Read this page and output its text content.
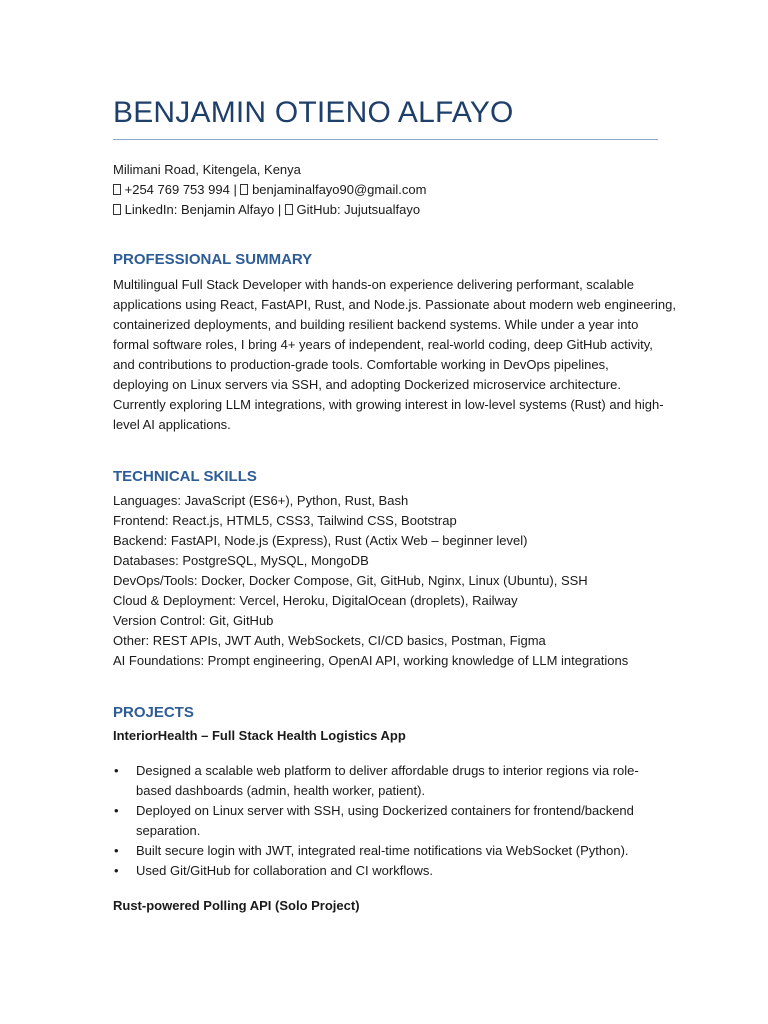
BENJAMIN OTIENO ALFAYO
Milimani Road, Kitengela, Kenya
+254 769 753 994 | benjaminalfayo90@gmail.com
LinkedIn: Benjamin Alfayo | GitHub: Jujutsualfayo
PROFESSIONAL SUMMARY
Multilingual Full Stack Developer with hands-on experience delivering performant, scalable
applications using React, FastAPI, Rust, and Node.js. Passionate about modern web engineering,
containerized deployments, and building resilient backend systems. While under a year into
formal software roles, I bring 4+ years of independent, real-world coding, deep GitHub activity,
and contributions to production-grade tools. Comfortable working in DevOps pipelines,
deploying on Linux servers via SSH, and adopting Dockerized microservice architecture.
Currently exploring LLM integrations, with growing interest in low-level systems (Rust) and high-
level AI applications.
TECHNICAL SKILLS
Languages: JavaScript (ES6+), Python, Rust, Bash
Frontend: React.js, HTML5, CSS3, Tailwind CSS, Bootstrap
Backend: FastAPI, Node.js (Express), Rust (Actix Web – beginner level)
Databases: PostgreSQL, MySQL, MongoDB
DevOps/Tools: Docker, Docker Compose, Git, GitHub, Nginx, Linux (Ubuntu), SSH
Cloud & Deployment: Vercel, Heroku, DigitalOcean (droplets), Railway
Version Control: Git, GitHub
Other: REST APIs, JWT Auth, WebSockets, CI/CD basics, Postman, Figma
AI Foundations: Prompt engineering, OpenAI API, working knowledge of LLM integrations
PROJECTS
InteriorHealth – Full Stack Health Logistics App
• Designed a scalable web platform to deliver affordable drugs to interior regions via role-
based dashboards (admin, health worker, patient).
• Deployed on Linux server with SSH, using Dockerized containers for frontend/backend
separation.
• Built secure login with JWT, integrated real-time notifications via WebSocket (Python).
• Used Git/GitHub for collaboration and CI workflows.
Rust-powered Polling API (Solo Project)
